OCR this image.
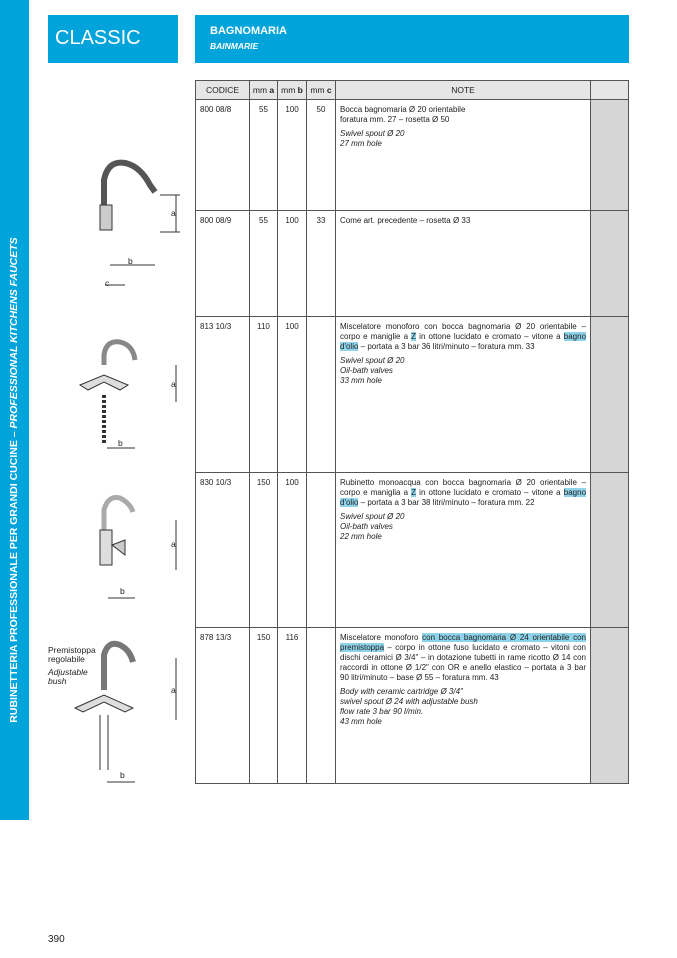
RUBINETTERIA PROFESSIONALE PER GRANDI CUCINE – PROFESSIONAL KITCHENS FAUCETS
CLASSIC	BAGNOMARIA
BAINMARIE
CODICE	mm a	mm b	mm c	NOTE	
800 08/8	55	100	50	Bocca bagnomaria Ø 20 orientabile
foratura mm. 27 – rosetta Ø 50
Swivel spout Ø 20
27 mm hole	

800 08/9	55	100	33	Come art. precedente – rosetta Ø 33	

813 10/3	110	100		Miscelatore monoforo con bocca bagnomaria Ø 20 orientabile – corpo e maniglie a Z in ottone lucidato e cromato – vitone a bagno d'olio – portata a 3 bar 36 litri/minuto – foratura mm. 33
Swivel spout Ø 20
Oil-bath valves
33 mm hole	

830 10/3	150	100		Rubinetto monoacqua con bocca bagnomaria Ø 20 orientabile – corpo e maniglia a Z in ottone lucidato e cromato – vitone a bagno d'olio – portata a 3 bar 38 litri/minuto – foratura mm. 22
Swivel spout Ø 20
Oil-bath valves
22 mm hole	

878 13/3	150	116		Miscelatore monoforo con bocca bagnomaria Ø 24 orientabile con premistoppa – corpo in ottone fuso lucidato e cromato – vitoni con dischi ceramici Ø 3/4" – in dotazione tubetti in rame ricotto Ø 14 con raccordi in ottone Ø 1/2" con OR e anello elastico – portata a 3 bar 90 litri/minuto – base Ø 55 – foratura mm. 43
Body with ceramic cartridge Ø 3/4"
swivel spout Ø 24 with adjustable bush
flow rate 3 bar 90 l/min.
43 mm hole	

a
b
c
a
b
a
b
a
b
Premistoppa regolabile
Adjustable bush
390
